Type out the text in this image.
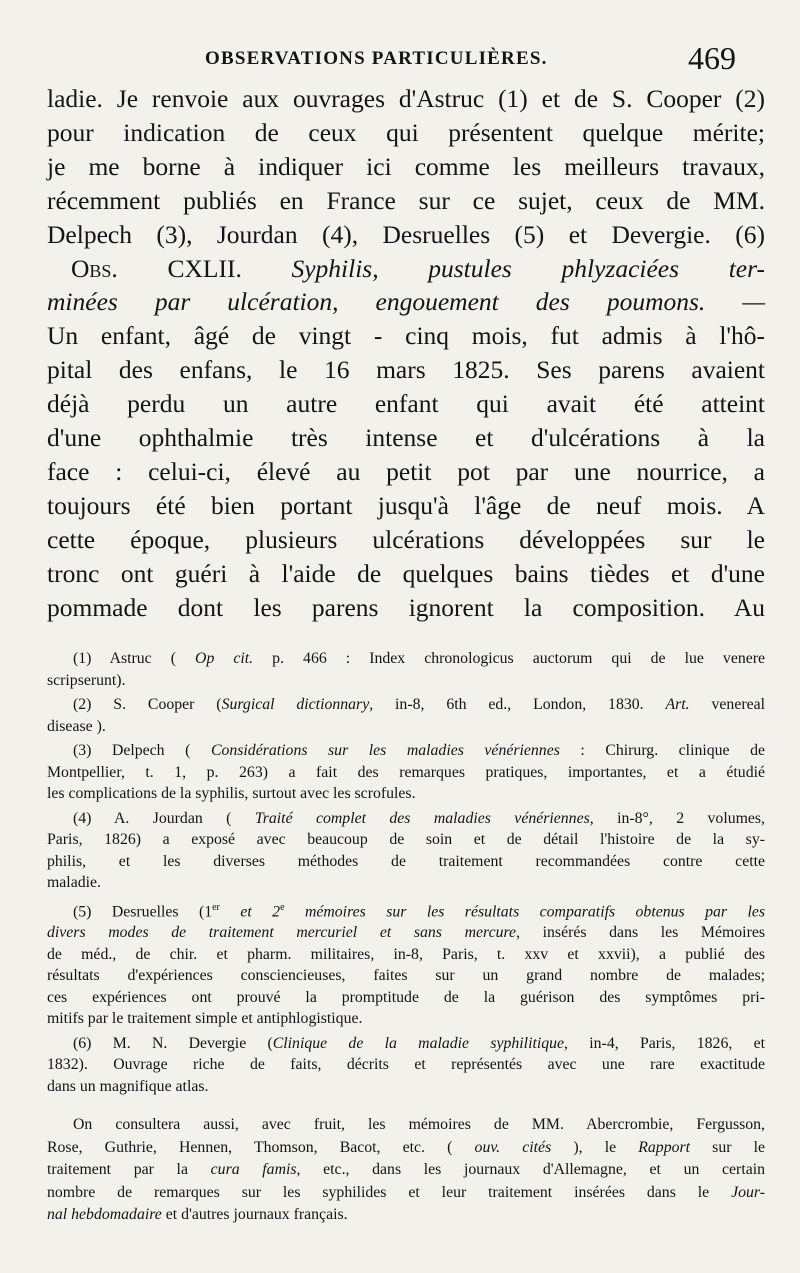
OBSERVATIONS PARTICULIÈRES.	469
ladie. Je renvoie aux ouvrages d'Astruc (1) et de S. Cooper (2)
pour indication de ceux qui présentent quelque mérite;
je me borne à indiquer ici comme les meilleurs travaux,
récemment publiés en France sur ce sujet, ceux de MM.
Delpech (3), Jourdan (4), Desruelles (5) et Devergie. (6)
Obs. CXLII. Syphilis, pustules phlyzaciées ter-
minées par ulcération, engouement des poumons. —
Un enfant, âgé de vingt - cinq mois, fut admis à l'hô-
pital des enfans, le 16 mars 1825. Ses parens avaient
déjà perdu un autre enfant qui avait été atteint
d'une ophthalmie très intense et d'ulcérations à la
face : celui-ci, élevé au petit pot par une nourrice, a
toujours été bien portant jusqu'à l'âge de neuf mois. A
cette époque, plusieurs ulcérations développées sur le
tronc ont guéri à l'aide de quelques bains tièdes et d'une
pommade dont les parens ignorent la composition. Au
(1) Astruc ( Op cit. p. 466 : Index chronologicus auctorum qui de lue venere
scripserunt).
(2) S. Cooper (Surgical dictionnary, in-8, 6th ed., London, 1830. Art. venereal
disease ).
(3) Delpech ( Considérations sur les maladies vénériennes : Chirurg. clinique de
Montpellier, t. 1, p. 263) a fait des remarques pratiques, importantes, et a étudié
les complications de la syphilis, surtout avec les scrofules.
(4) A. Jourdan ( Traité complet des maladies vénériennes, in-8°, 2 volumes,
Paris, 1826) a exposé avec beaucoup de soin et de détail l'histoire de la sy-
philis, et les diverses méthodes de traitement recommandées contre cette
maladie.
(5) Desruelles (1er et 2e mémoires sur les résultats comparatifs obtenus par les
divers modes de traitement mercuriel et sans mercure, insérés dans les Mémoires
de méd., de chir. et pharm. militaires, in-8, Paris, t. xxv et xxvii), a publié des
résultats d'expériences consciencieuses, faites sur un grand nombre de malades;
ces expériences ont prouvé la promptitude de la guérison des symptômes pri-
mitifs par le traitement simple et antiphlogistique.
(6) M. N. Devergie (Clinique de la maladie syphilitique, in-4, Paris, 1826, et
1832). Ouvrage riche de faits, décrits et représentés avec une rare exactitude
dans un magnifique atlas.
On consultera aussi, avec fruit, les mémoires de MM. Abercrombie, Fergusson,
Rose, Guthrie, Hennen, Thomson, Bacot, etc. ( ouv. cités ), le Rapport sur le
traitement par la cura famis, etc., dans les journaux d'Allemagne, et un certain
nombre de remarques sur les syphilides et leur traitement insérées dans le Jour-
nal hebdomadaire et d'autres journaux français.
